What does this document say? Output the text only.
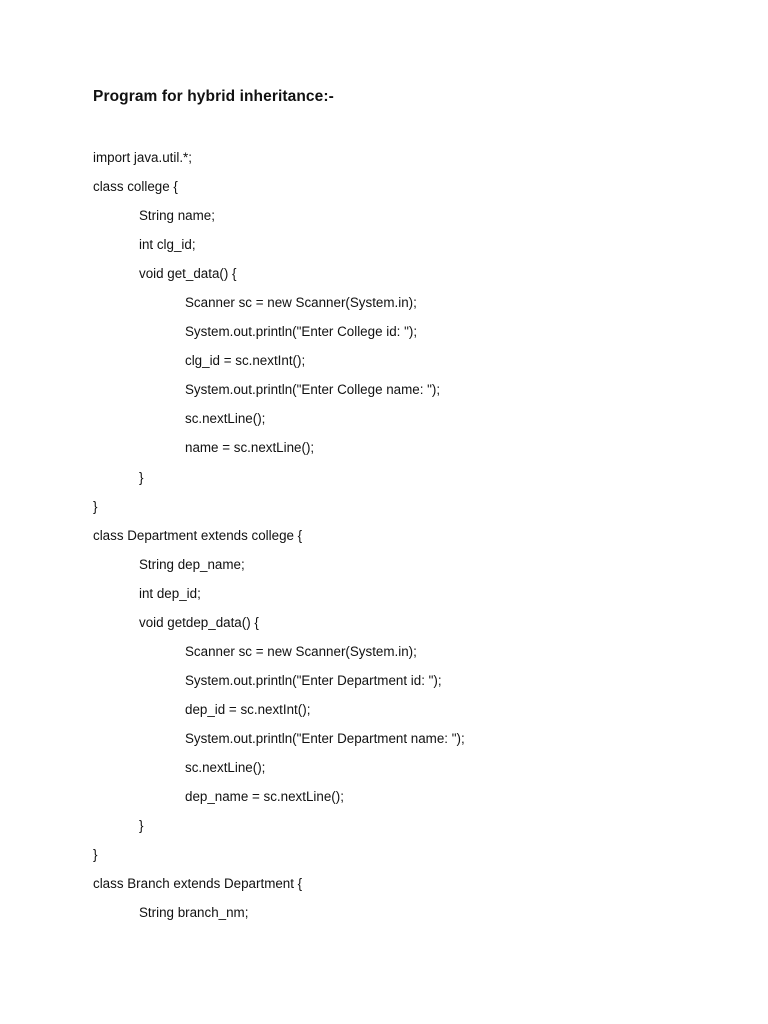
Program for hybrid inheritance:-
import java.util.*;
class college {
String name;
int clg_id;
void get_data() {
Scanner sc = new Scanner(System.in);
System.out.println("Enter College id: ");
clg_id = sc.nextInt();
System.out.println("Enter College name: ");
sc.nextLine();
name = sc.nextLine();
}
}
class Department extends college {
String dep_name;
int dep_id;
void getdep_data() {
Scanner sc = new Scanner(System.in);
System.out.println("Enter Department id: ");
dep_id = sc.nextInt();
System.out.println("Enter Department name: ");
sc.nextLine();
dep_name = sc.nextLine();
}
}
class Branch extends Department {
String branch_nm;
